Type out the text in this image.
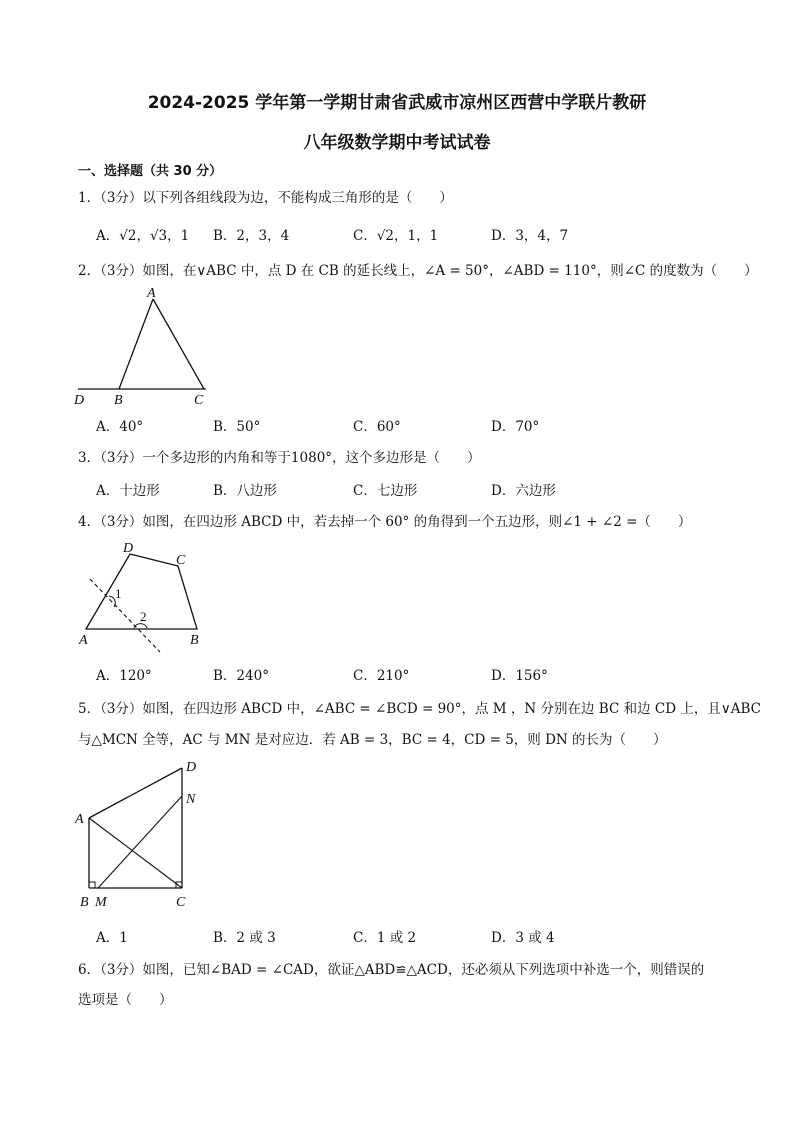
2024-2025 学年第一学期甘肃省武威市凉州区西营中学联片教研
八年级数学期中考试试卷
一、选择题（共 30 分）
1．（3分）以下列各组线段为边，不能构成三角形的是（　　）
A．√2，√3，1 B．2，3，4	C．√2，1，1	D．3，4，7
2．（3分）如图，在∨ABC 中，点 D 在 CB 的延长线上，∠A = 50°，∠ABD = 110°，则∠C 的度数为（　　）
A
D B	C
A．40°	B．50°	C．60°	D．70°
3．（3分）一个多边形的内角和等于1080°，这个多边形是（　　）
A．十边形	B．八边形	C．七边形	D．六边形
4．（3分）如图，在四边形 ABCD 中，若去掉一个 60° 的角得到一个五边形，则∠1 + ∠2 =（　　）
D
C
1
2
A	B
A．120°	B．240°	C．210°	D．156°
5．（3分）如图，在四边形 ABCD 中，∠ABC = ∠BCD = 90°，点 M ，N 分别在边 BC 和边 CD 上，且∨ABC
与△MCN 全等，AC 与 MN 是对应边．若 AB = 3，BC = 4，CD = 5，则 DN 的长为（　　）
D
N
A
B M	C
A．1	B．2 或 3	C．1 或 2	D．3 或 4
6．（3分）如图，已知∠BAD = ∠CAD，欲证△ABD≌△ACD，还必须从下列选项中补选一个，则错误的
选项是（　　）
